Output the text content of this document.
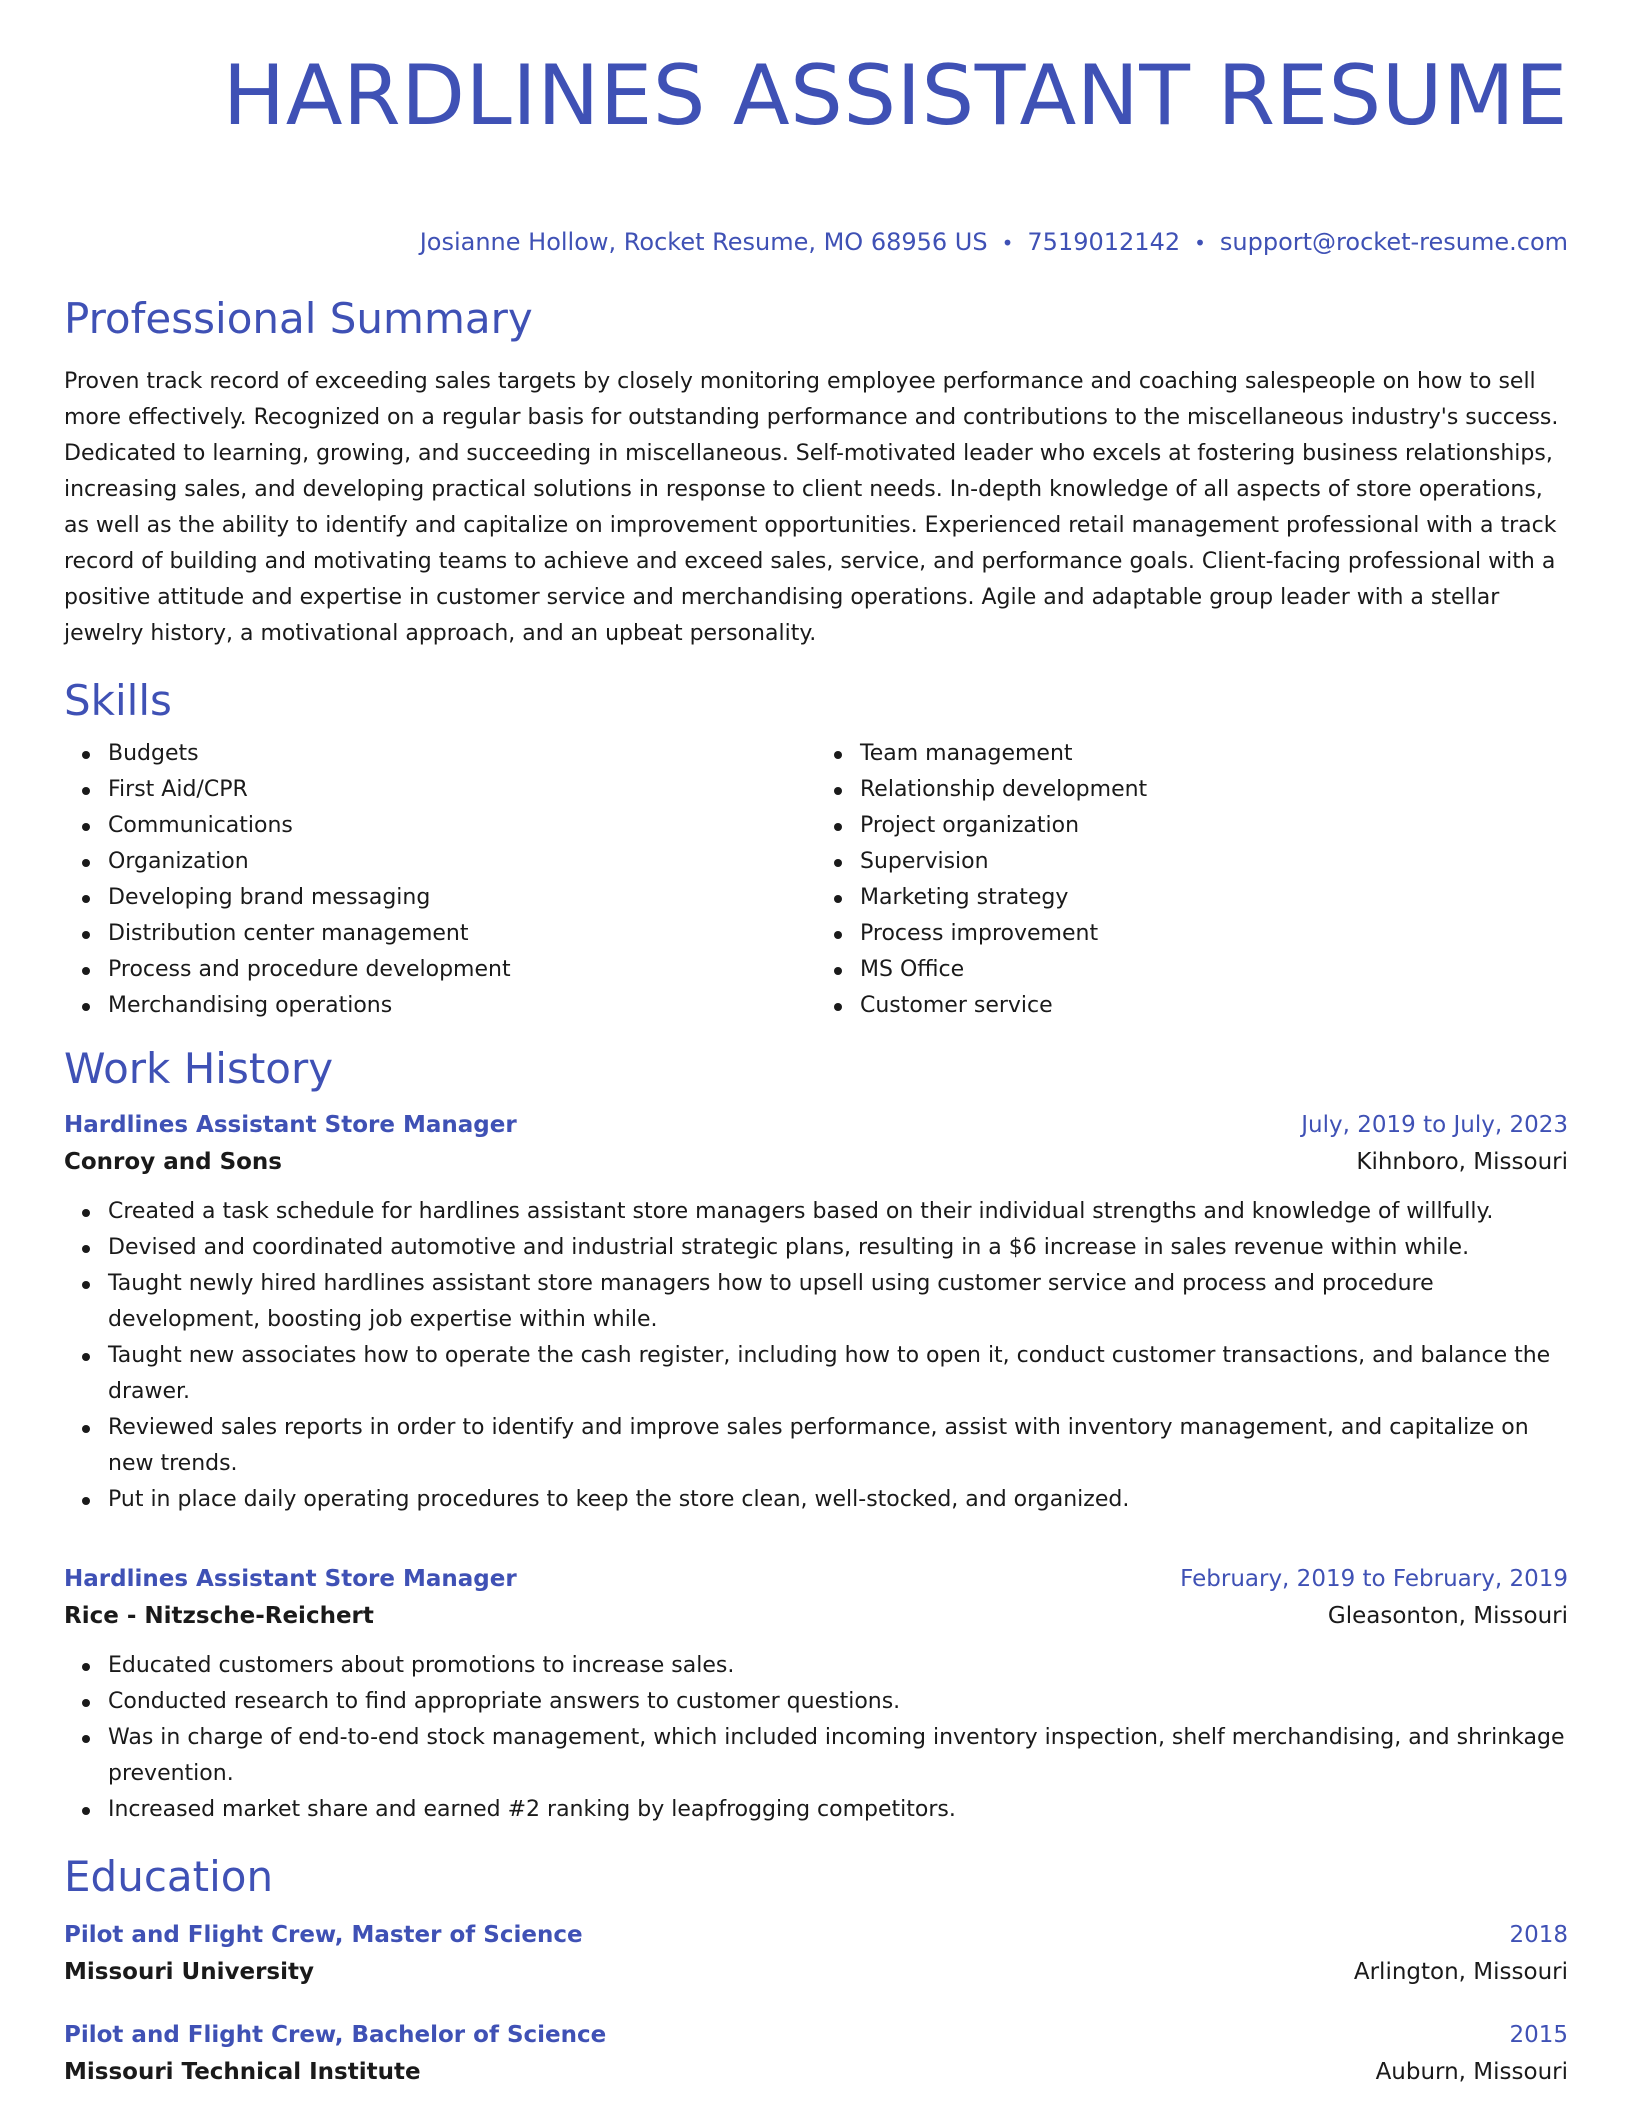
HARDLINES ASSISTANT RESUME
Josianne Hollow, Rocket Resume, MO 68956 US • 7519012142 • support@rocket-resume.com
Professional Summary

Proven track record of exceeding sales targets by closely monitoring employee performance and coaching salespeople on how to sell more effectively. Recognized on a regular basis for outstanding performance and contributions to the miscellaneous industry's success. Dedicated to learning, growing, and succeeding in miscellaneous. Self-motivated leader who excels at fostering business relationships, increasing sales, and developing practical solutions in response to client needs. In-depth knowledge of all aspects of store operations, as well as the ability to identify and capitalize on improvement opportunities. Experienced retail management professional with a track record of building and motivating teams to achieve and exceed sales, service, and performance goals. Client-facing professional with a positive attitude and expertise in customer service and merchandising operations. Agile and adaptable group leader with a stellar jewelry history, a motivational approach, and an upbeat personality.

Skills
Budgets
First Aid/CPR
Communications
Organization
Developing brand messaging
Distribution center management
Process and procedure development
Merchandising operations
Team management
Relationship development
Project organization
Supervision
Marketing strategy
Process improvement
MS Office
Customer service
Work History
Hardlines Assistant Store Manager	July, 2019 to July, 2023
Conroy and Sons	Kihnboro, Missouri
Created a task schedule for hardlines assistant store managers based on their individual strengths and knowledge of willfully.
Devised and coordinated automotive and industrial strategic plans, resulting in a $6 increase in sales revenue within while.
Taught newly hired hardlines assistant store managers how to upsell using customer service and process and procedure development, boosting job expertise within while.
Taught new associates how to operate the cash register, including how to open it, conduct customer transactions, and balance the drawer.
Reviewed sales reports in order to identify and improve sales performance, assist with inventory management, and capitalize on new trends.
Put in place daily operating procedures to keep the store clean, well-stocked, and organized.
Hardlines Assistant Store Manager	February, 2019 to February, 2019
Rice - Nitzsche-Reichert	Gleasonton, Missouri
Educated customers about promotions to increase sales.
Conducted research to find appropriate answers to customer questions.
Was in charge of end-to-end stock management, which included incoming inventory inspection, shelf merchandising, and shrinkage prevention.
Increased market share and earned #2 ranking by leapfrogging competitors.
Education
Pilot and Flight Crew, Master of Science	2018
Missouri University	Arlington, Missouri
Pilot and Flight Crew, Bachelor of Science	2015
Missouri Technical Institute	Auburn, Missouri
